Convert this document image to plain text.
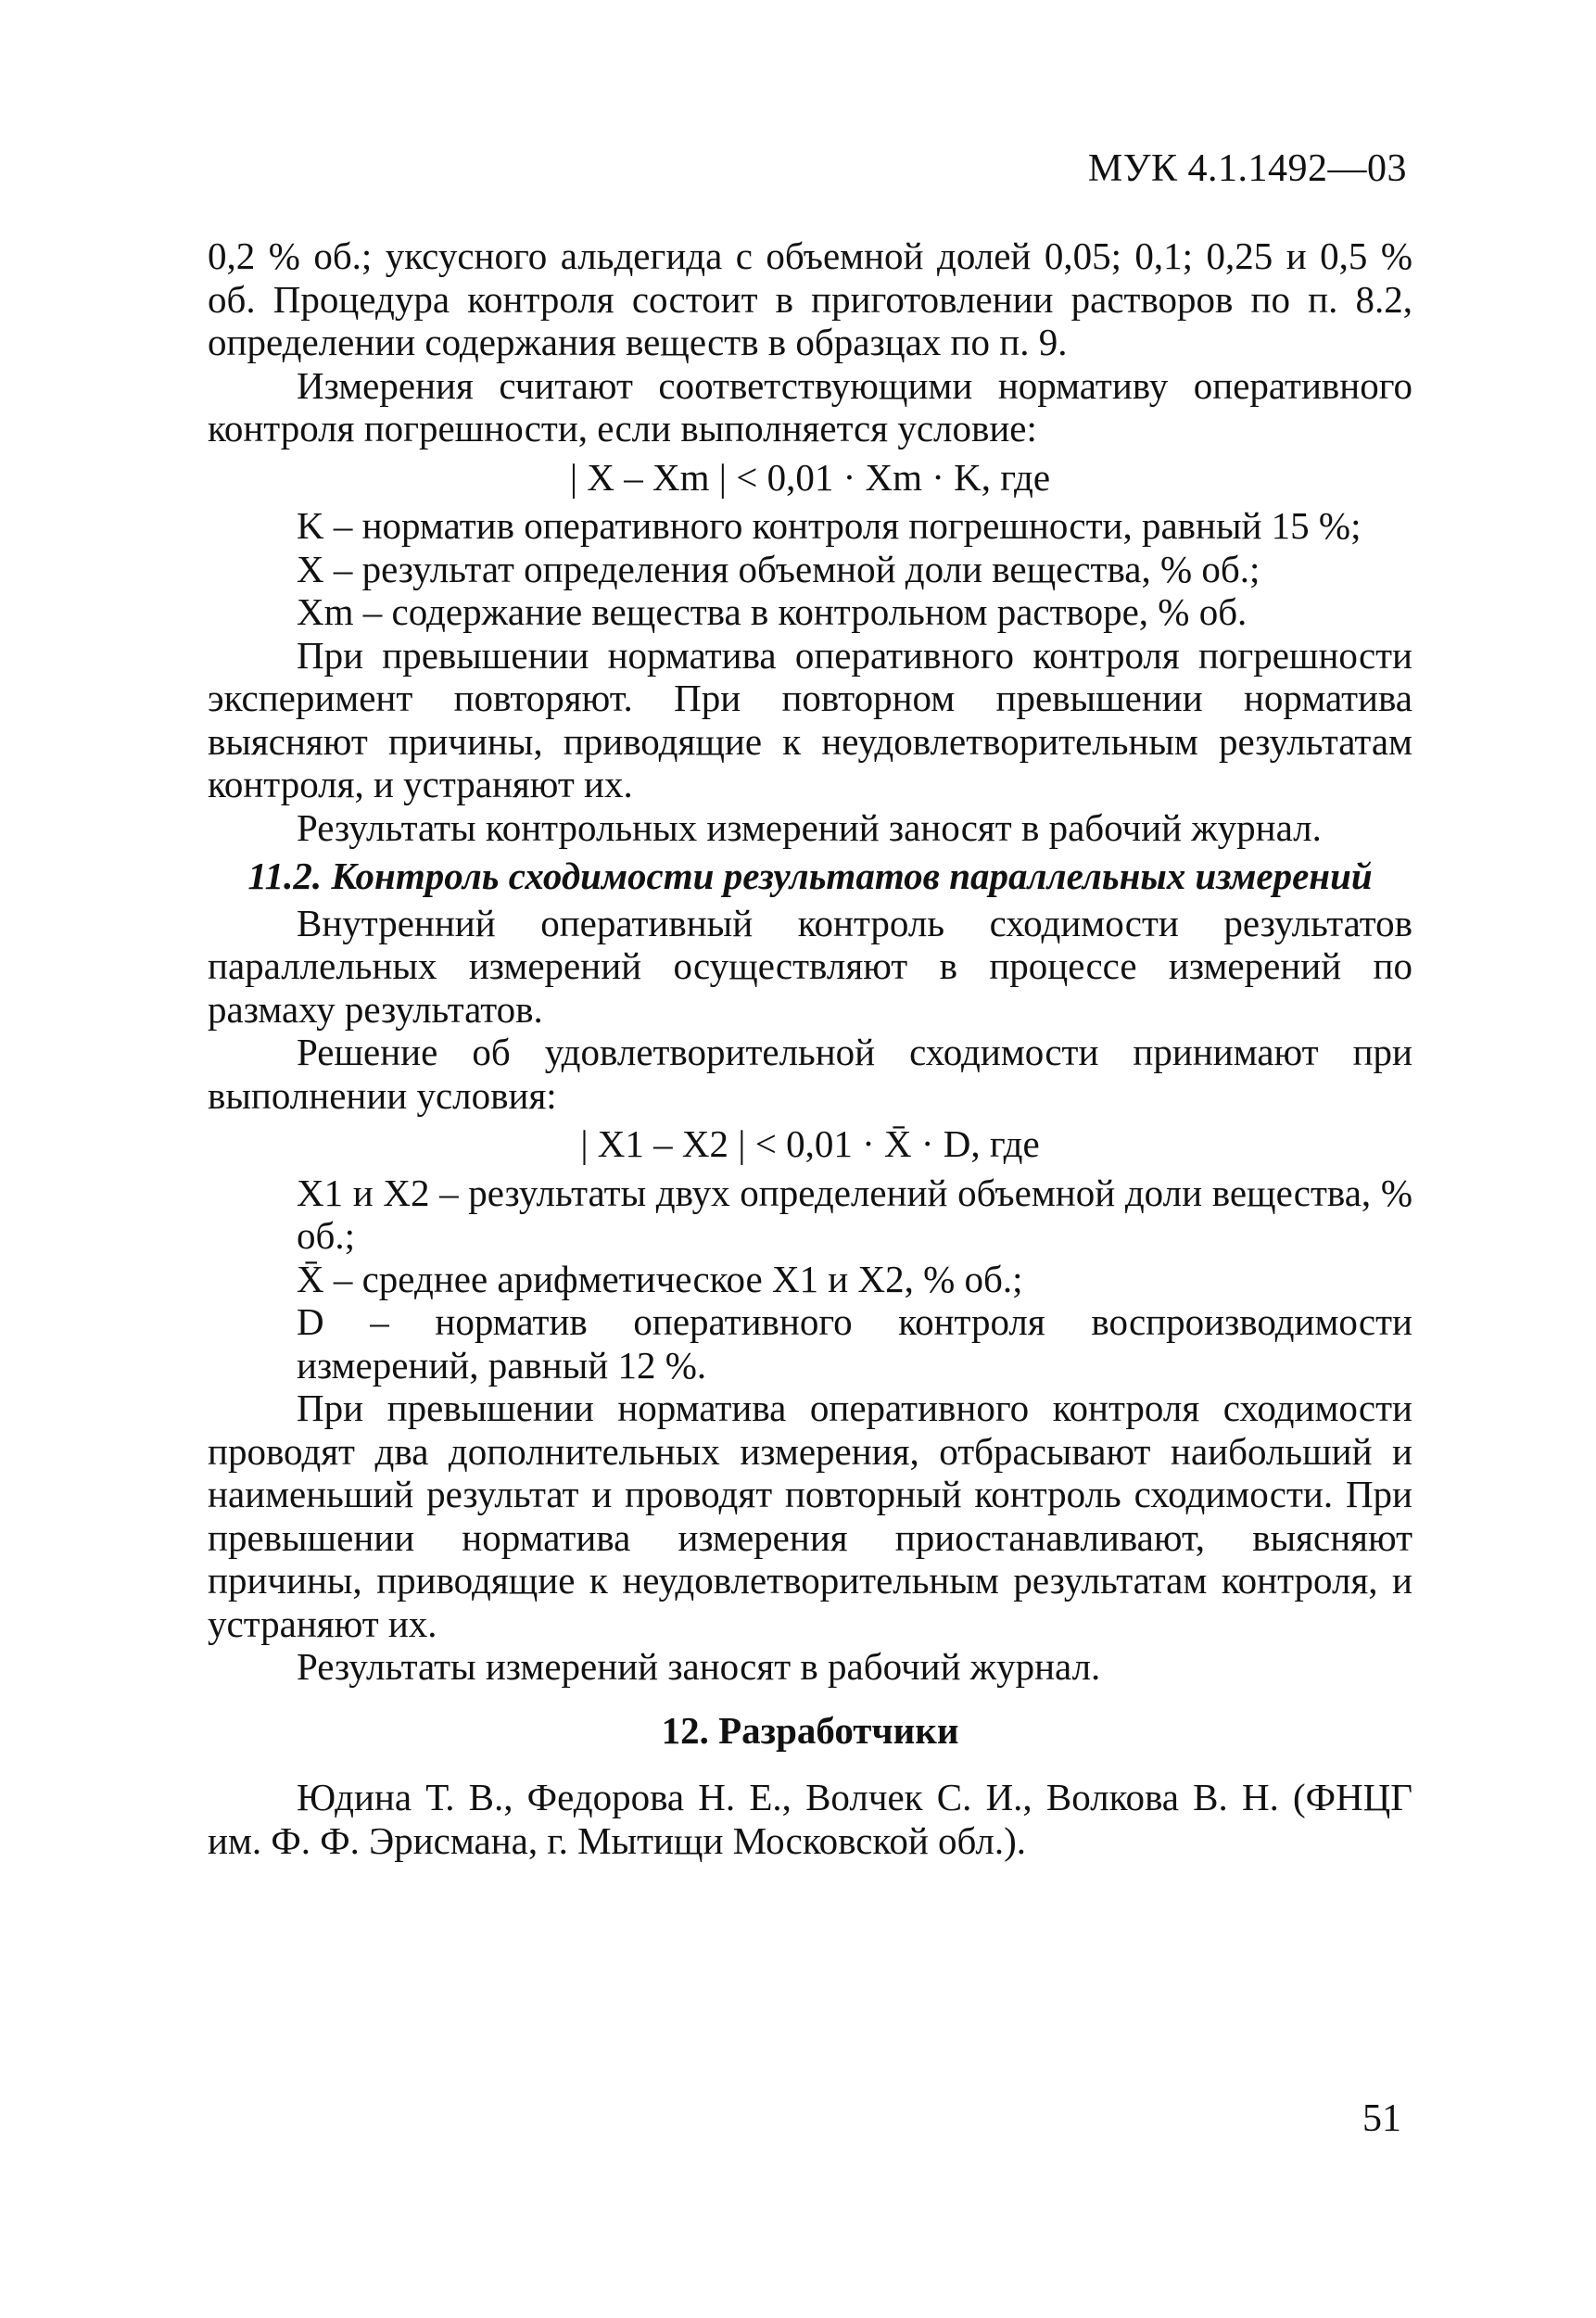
МУК 4.1.1492—03

0,2 % об.; уксусного альдегида с объемной долей 0,05; 0,1; 0,25 и 0,5 % об. Процедура контроля состоит в приготовлении растворов по п. 8.2, определении содержания веществ в образцах по п. 9.

Измерения считают соответствующими нормативу оперативного контроля погрешности, если выполняется условие:

| X – Xm | < 0,01 · Xm · K, где

K – норматив оперативного контроля погрешности, равный 15 %;

X – результат определения объемной доли вещества, % об.;

Xm – содержание вещества в контрольном растворе, % об.

При превышении норматива оперативного контроля погрешности эксперимент повторяют. При повторном превышении норматива выясняют причины, приводящие к неудовлетворительным результатам контроля, и устраняют их.

Результаты контрольных измерений заносят в рабочий журнал.

11.2. Контроль сходимости результатов параллельных измерений

Внутренний оперативный контроль сходимости результатов параллельных измерений осуществляют в процессе измерений по размаху результатов.

Решение об удовлетворительной сходимости принимают при выполнении условия:

| X1 – X2 | < 0,01 · X̄ · D, где

X1 и X2 – результаты двух определений объемной доли вещества, % об.;

X̄ – среднее арифметическое X1 и X2, % об.;

D – норматив оперативного контроля воспроизводимости измерений, равный 12 %.

При превышении норматива оперативного контроля сходимости проводят два дополнительных измерения, отбрасывают наибольший и наименьший результат и проводят повторный контроль сходимости. При превышении норматива измерения приостанавливают, выясняют причины, приводящие к неудовлетворительным результатам контроля, и устраняют их.

Результаты измерений заносят в рабочий журнал.

12. Разработчики

Юдина Т. В., Федорова Н. Е., Волчек С. И., Волкова В. Н. (ФНЦГ им. Ф. Ф. Эрисмана, г. Мытищи Московской обл.).

51
